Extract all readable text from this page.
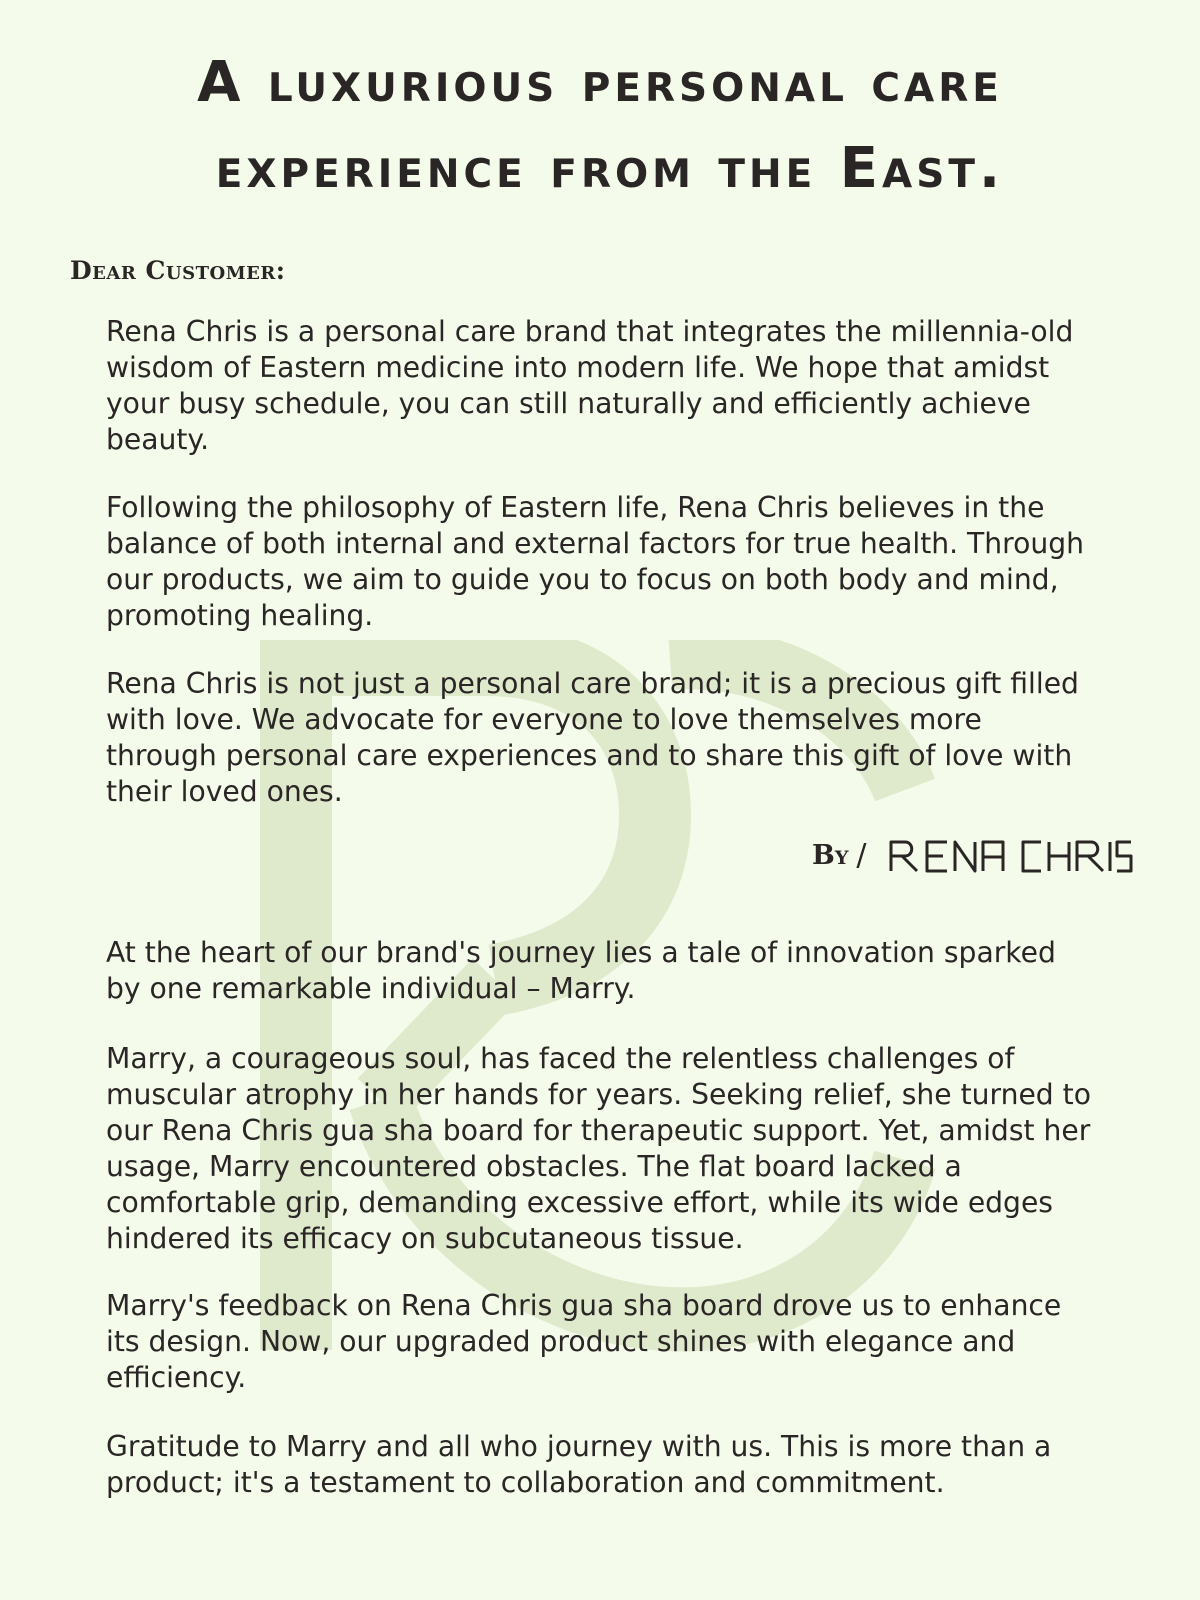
A luxurious personal care
experience from the East.

Dear Customer:

Rena Chris is a personal care brand that integrates the millennia-old wisdom of Eastern medicine into modern life. We hope that amidst your busy schedule, you can still naturally and efficiently achieve beauty.

Following the philosophy of Eastern life, Rena Chris believes in the balance of both internal and external factors for true health. Through our products, we aim to guide you to focus on both body and mind, promoting healing.

Rena Chris is not just a personal care brand; it is a precious gift filled with love. We advocate for everyone to love themselves more through personal care experiences and to share this gift of love with their loved ones.

By /

At the heart of our brand's journey lies a tale of innovation sparked by one remarkable individual – Marry.

Marry, a courageous soul, has faced the relentless challenges of muscular atrophy in her hands for years. Seeking relief, she turned to our Rena Chris gua sha board for therapeutic support. Yet, amidst her usage, Marry encountered obstacles. The flat board lacked a comfortable grip, demanding excessive effort, while its wide edges hindered its efficacy on subcutaneous tissue.

Marry's feedback on Rena Chris gua sha board drove us to enhance its design. Now, our upgraded product shines with elegance and efficiency.

Gratitude to Marry and all who journey with us. This is more than a product; it's a testament to collaboration and commitment.
